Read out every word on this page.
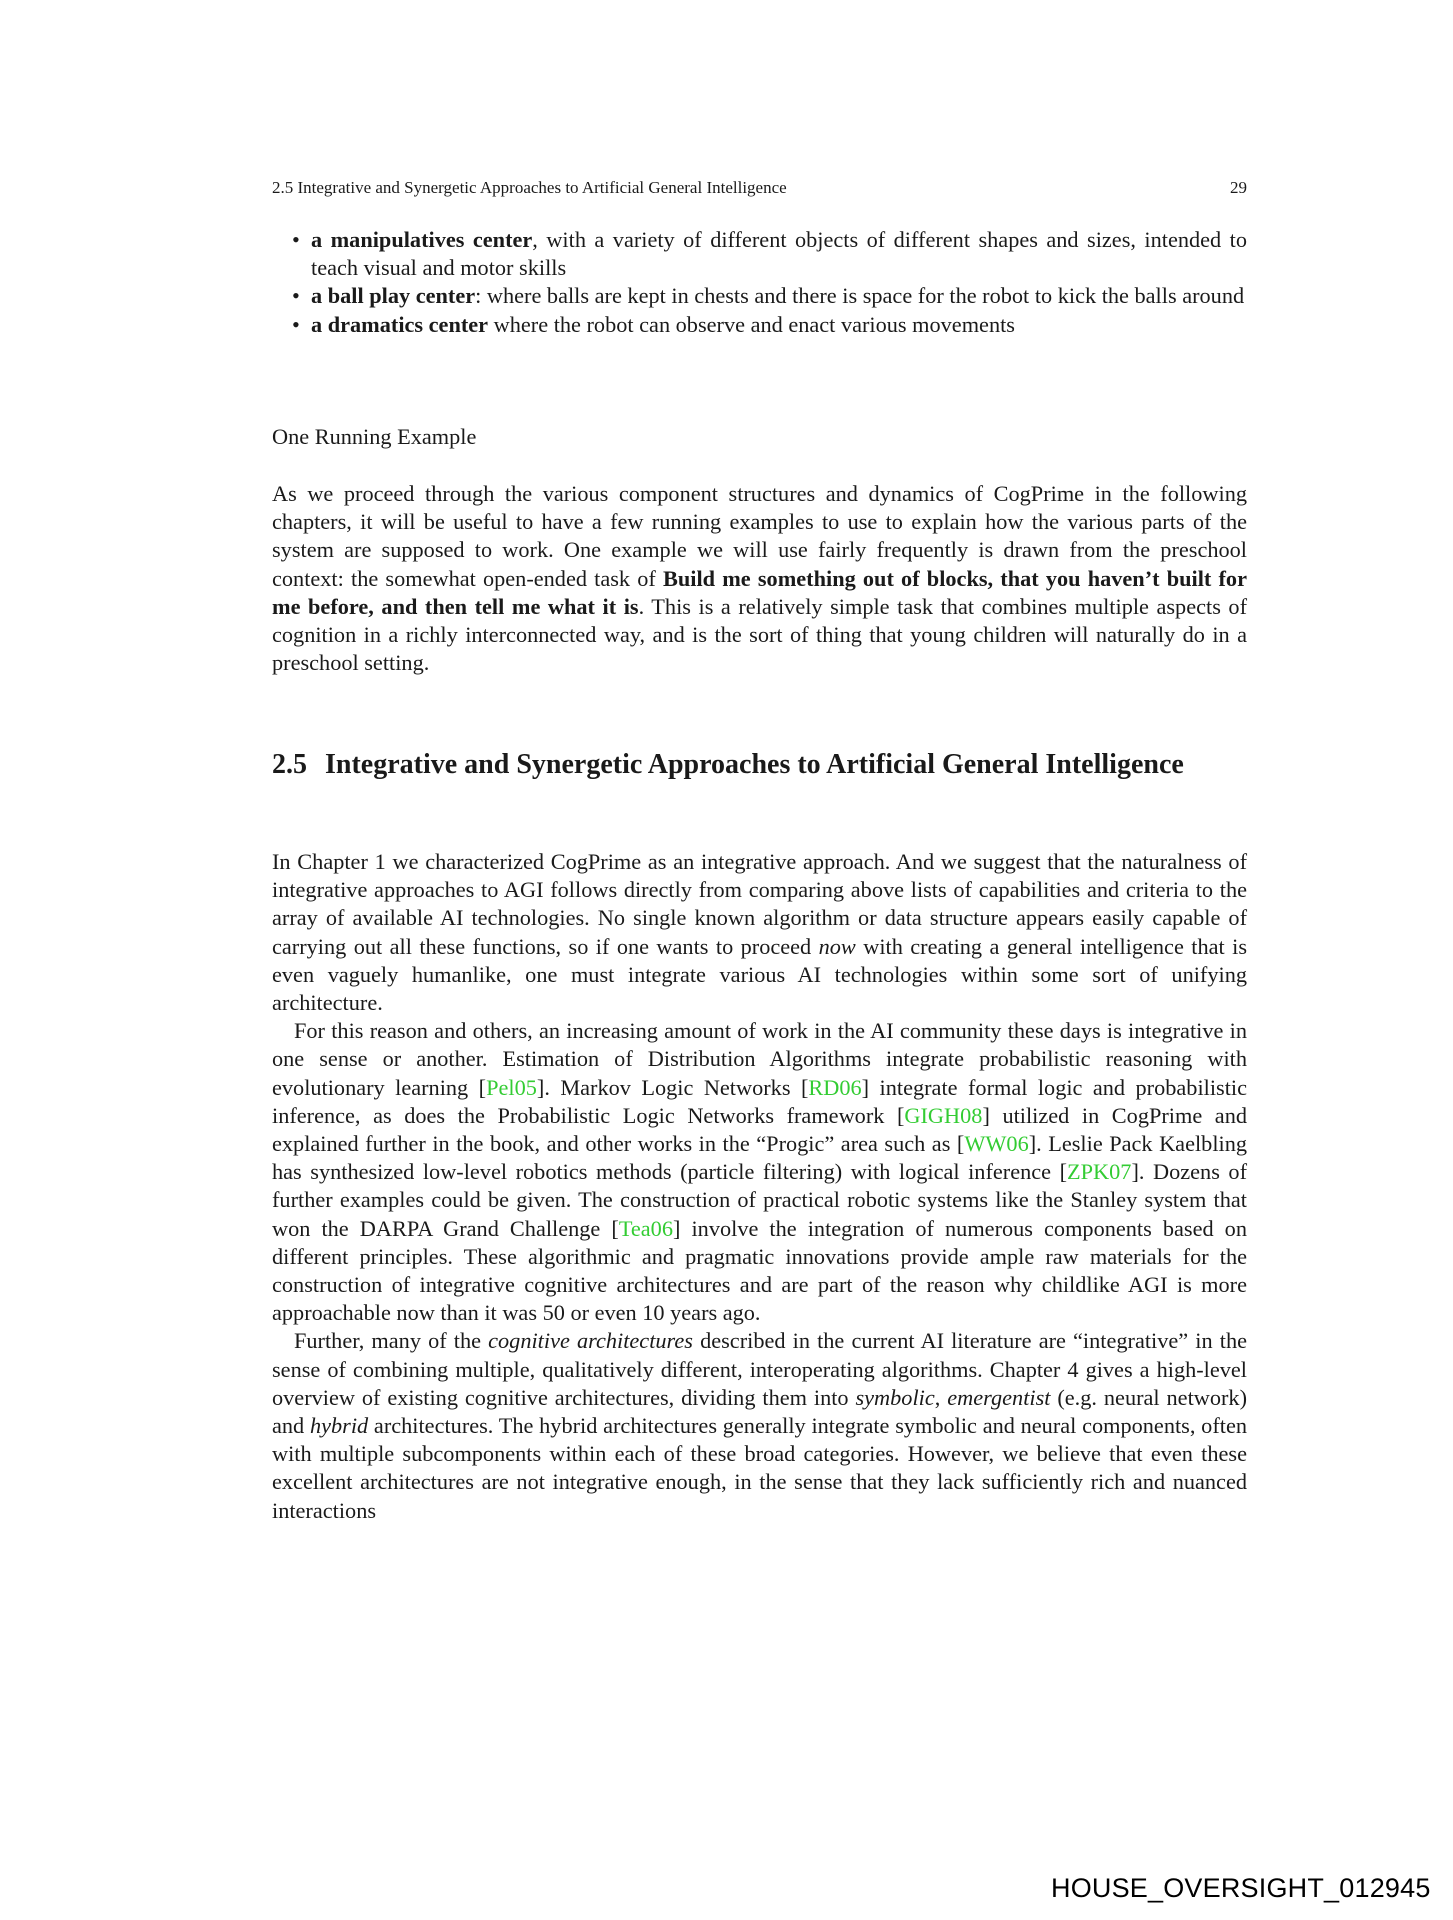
2.5 Integrative and Synergetic Approaches to Artificial General Intelligence	29
• a manipulatives center, with a variety of different objects of different shapes and sizes, intended to teach visual and motor skills
• a ball play center: where balls are kept in chests and there is space for the robot to kick the balls around
• a dramatics center where the robot can observe and enact various movements
One Running Example

As we proceed through the various component structures and dynamics of CogPrime in the following chapters, it will be useful to have a few running examples to use to explain how the various parts of the system are supposed to work. One example we will use fairly frequently is drawn from the preschool context: the somewhat open-ended task of Build me something out of blocks, that you haven’t built for me before, and then tell me what it is. This is a relatively simple task that combines multiple aspects of cognition in a richly interconnected way, and is the sort of thing that young children will naturally do in a preschool setting.

2.5 Integrative and Synergetic Approaches to Artificial General Intelligence

In Chapter 1 we characterized CogPrime as an integrative approach. And we suggest that the naturalness of integrative approaches to AGI follows directly from comparing above lists of capabilities and criteria to the array of available AI technologies. No single known algorithm or data structure appears easily capable of carrying out all these functions, so if one wants to proceed now with creating a general intelligence that is even vaguely humanlike, one must integrate various AI technologies within some sort of unifying architecture.

For this reason and others, an increasing amount of work in the AI community these days is integrative in one sense or another. Estimation of Distribution Algorithms integrate probabilistic reasoning with evolutionary learning [Pel05]. Markov Logic Networks [RD06] integrate formal logic and probabilistic inference, as does the Probabilistic Logic Networks framework [GIGH08] utilized in CogPrime and explained further in the book, and other works in the “Progic” area such as [WW06]. Leslie Pack Kaelbling has synthesized low-level robotics methods (particle filtering) with logical inference [ZPK07]. Dozens of further examples could be given. The construction of practical robotic systems like the Stanley system that won the DARPA Grand Challenge [Tea06] involve the integration of numerous components based on different principles. These algorithmic and pragmatic innovations provide ample raw materials for the construction of integrative cognitive architectures and are part of the reason why childlike AGI is more approachable now than it was 50 or even 10 years ago.

Further, many of the cognitive architectures described in the current AI literature are “integrative” in the sense of combining multiple, qualitatively different, interoperating algorithms. Chapter 4 gives a high-level overview of existing cognitive architectures, dividing them into symbolic, emergentist (e.g. neural network) and hybrid architectures. The hybrid architectures generally integrate symbolic and neural components, often with multiple subcomponents within each of these broad categories. However, we believe that even these excellent architectures are not integrative enough, in the sense that they lack sufficiently rich and nuanced interactions

HOUSE_OVERSIGHT_012945
